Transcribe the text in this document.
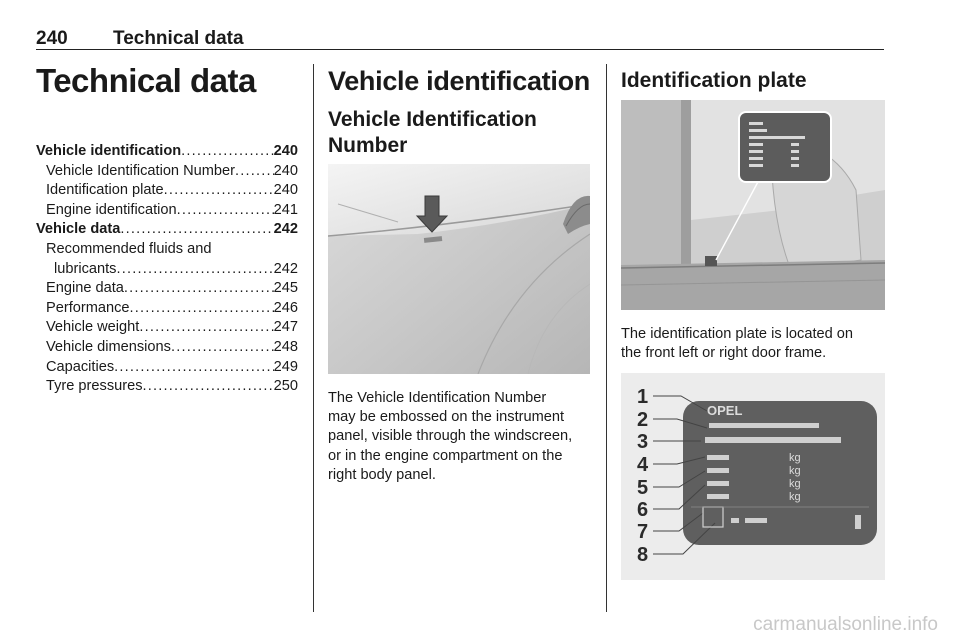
240 Technical data
Technical data
Vehicle identification .....	240
Vehicle Identification Number .....	240
Identification plate .....	240
Engine identification .....	241
Vehicle data .....	242
Recommended fluids and
lubricants .....	242
Engine data .....	245
Performance .....	246
Vehicle weight .....	247
Vehicle dimensions .....	248
Capacities .....	249
Tyre pressures .....	250
Vehicle identification
Vehicle Identification
Number
The Vehicle Identification Number
may be embossed on the instrument
panel, visible through the windscreen,
or in the engine compartment on the
right body panel.
Identification plate
The identification plate is located on
the front left or right door frame.
1
2
3
4
5
6
7
8
OPEL
kg
kg
kg
kg
carmanualsonline.info
